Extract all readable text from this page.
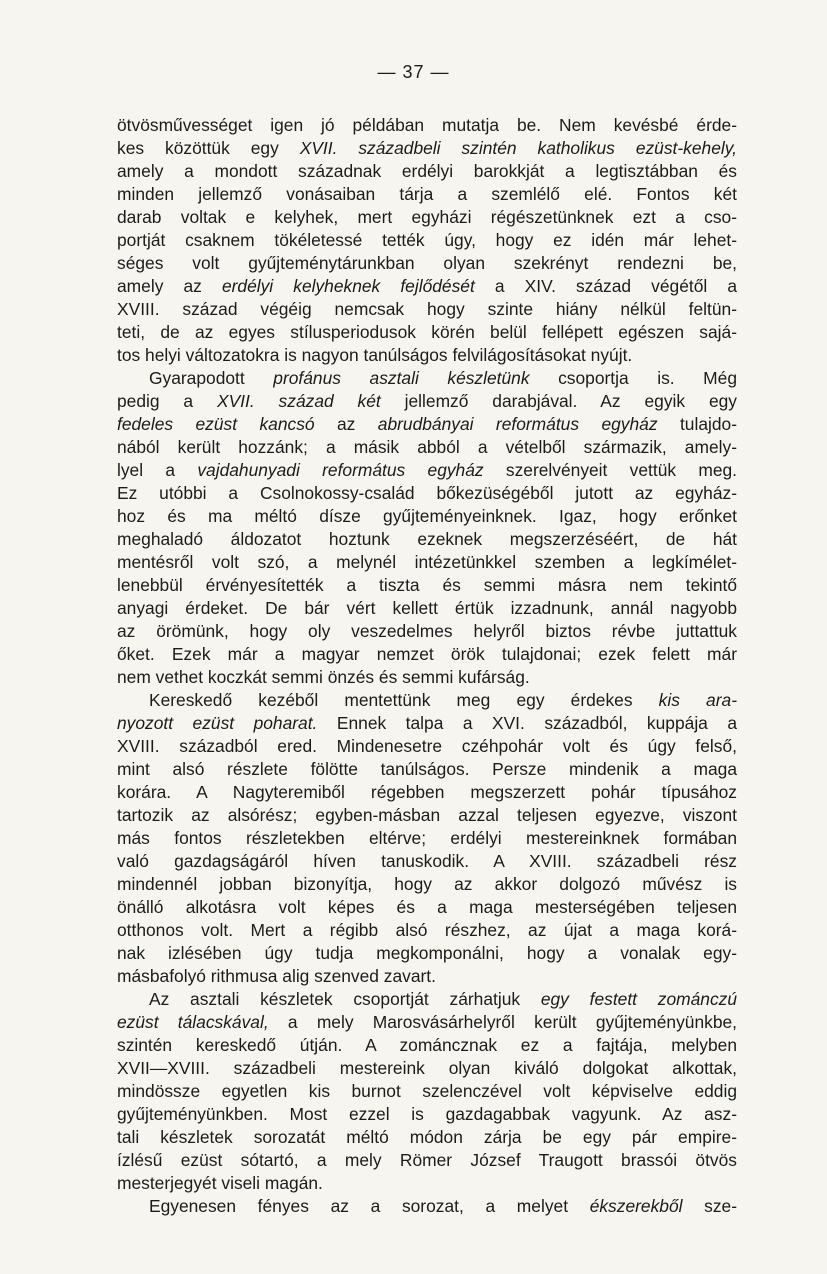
— 37 —
ötvösművességet igen jó példában mutatja be. Nem kevésbé érde-
kes közöttük egy XVII. századbeli szintén katholikus ezüst-kehely,
amely a mondott századnak erdélyi barokkját a legtisztábban és
minden jellemző vonásaiban tárja a szemlélő elé. Fontos két
darab voltak e kelyhek, mert egyházi régészetünknek ezt a cso-
portját csaknem tökéletessé tették úgy, hogy ez idén már lehet-
séges volt gyűjteménytárunkban olyan szekrényt rendezni be,
amely az erdélyi kelyheknek fejlődését a XIV. század végétől a
XVIII. század végéig nemcsak hogy szinte hiány nélkül feltün-
teti, de az egyes stílusperiodusok körén belül fellépett egészen sajá-
tos helyi változatokra is nagyon tanúlságos felvilágosításokat nyújt.
Gyarapodott profánus asztali készletünk csoportja is. Még
pedig a XVII. század két jellemző darabjával. Az egyik egy
fedeles ezüst kancsó az abrudbányai református egyház tulajdo-
nából került hozzánk; a másik abból a vételből származik, amely-
lyel a vajdahunyadi református egyház szerelvényeit vettük meg.
Ez utóbbi a Csolnokossy-család bőkezüségéből jutott az egyház-
hoz és ma méltó dísze gyűjteményeinknek. Igaz, hogy erőnket
meghaladó áldozatot hoztunk ezeknek megszerzéséért, de hát
mentésről volt szó, a melynél intézetünkkel szemben a legkímélet-
lenebbül érvényesítették a tiszta és semmi másra nem tekintő
anyagi érdeket. De bár vért kellett értük izzadnunk, annál nagyobb
az örömünk, hogy oly veszedelmes helyről biztos révbe juttattuk
őket. Ezek már a magyar nemzet örök tulajdonai; ezek felett már
nem vethet koczkát semmi önzés és semmi kufárság.
Kereskedő kezéből mentettünk meg egy érdekes kis ara-
nyozott ezüst poharat. Ennek talpa a XVI. századból, kuppája a
XVIII. századból ered. Mindenesetre czéhpohár volt és úgy felső,
mint alsó részlete fölötte tanúlságos. Persze mindenik a maga
korára. A Nagyteremiből régebben megszerzett pohár típusához
tartozik az alsórész; egyben-másban azzal teljesen egyezve, viszont
más fontos részletekben eltérve; erdélyi mestereinknek formában
való gazdagságáról híven tanuskodik. A XVIII. századbeli rész
mindennél jobban bizonyítja, hogy az akkor dolgozó művész is
önálló alkotásra volt képes és a maga mesterségében teljesen
otthonos volt. Mert a régibb alsó részhez, az újat a maga korá-
nak izlésében úgy tudja megkomponálni, hogy a vonalak egy-
másbafolyó rithmusa alig szenved zavart.
Az asztali készletek csoportját zárhatjuk egy festett zománczú
ezüst tálacskával, a mely Marosvásárhelyről került gyűjteményünkbe,
szintén kereskedő útján. A zománcznak ez a fajtája, melyben
XVII—XVIII. századbeli mestereink olyan kiváló dolgokat alkottak,
mindössze egyetlen kis burnot szelenczével volt képviselve eddig
gyűjteményünkben. Most ezzel is gazdagabbak vagyunk. Az asz-
tali készletek sorozatát méltó módon zárja be egy pár empire-
ízlésű ezüst sótartó, a mely Römer József Traugott brassói ötvös
mesterjegyét viseli magán.
Egyenesen fényes az a sorozat, a melyet ékszerekből sze-
